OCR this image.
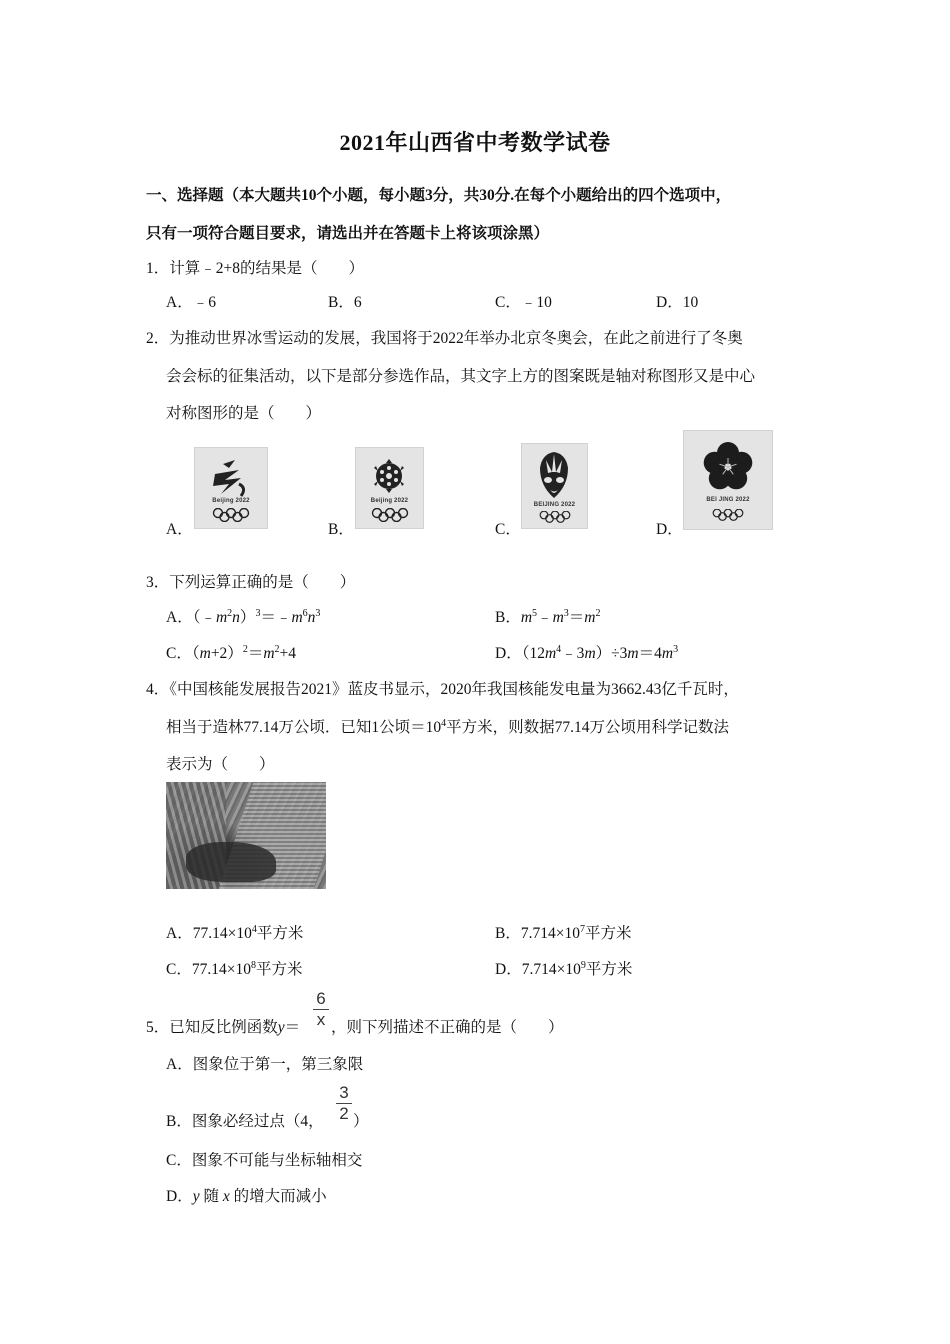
2021年山西省中考数学试卷
一、选择题（本大题共10个小题，每小题3分，共30分.在每个小题给出的四个选项中，
只有一项符合题目要求，请选出并在答题卡上将该项涂黑）
1．计算﹣2+8的结果是（　　）
A．﹣6	B．6	C．﹣10	D．10
2．为推动世界冰雪运动的发展，我国将于2022年举办北京冬奥会，在此之前进行了冬奥
会会标的征集活动，以下是部分参选作品，其文字上方的图案既是轴对称图形又是中心
对称图形的是（　　）
A．	B．	C．	D．
Beijing 2022	Beijing 2022
BEIJING 2022
BEI JING 2022
3．下列运算正确的是（　　）
A．$(﹣m^2n)^3=﹣m^6n^3$	B．$m^5﹣m^3=m^2$
C．$(m+2)^2=m^2+4$	D．$(12m^4﹣3m)\div 3m=4m^3$
4．《中国核能发展报告2021》蓝皮书显示，2020年我国核能发电量为3662.43亿千瓦时，
相当于造林77.14万公顷．已知1公顷$=10^4$平方米，则数据77.14万公顷用科学记数法
表示为（　　）
A．$77.14\times 10^4$平方米	B．$7.714\times 10^7$平方米
C．$77.14\times 10^8$平方米	D．$7.714\times 10^9$平方米
5．已知反比例函数y＝
6
x ，则下列描述不正确的是（　　）
A．图象位于第一，第三象限
B．图象必经过点（4，
3
2 ）
C．图象不可能与坐标轴相交
D．y 随 x 的增大而减小
